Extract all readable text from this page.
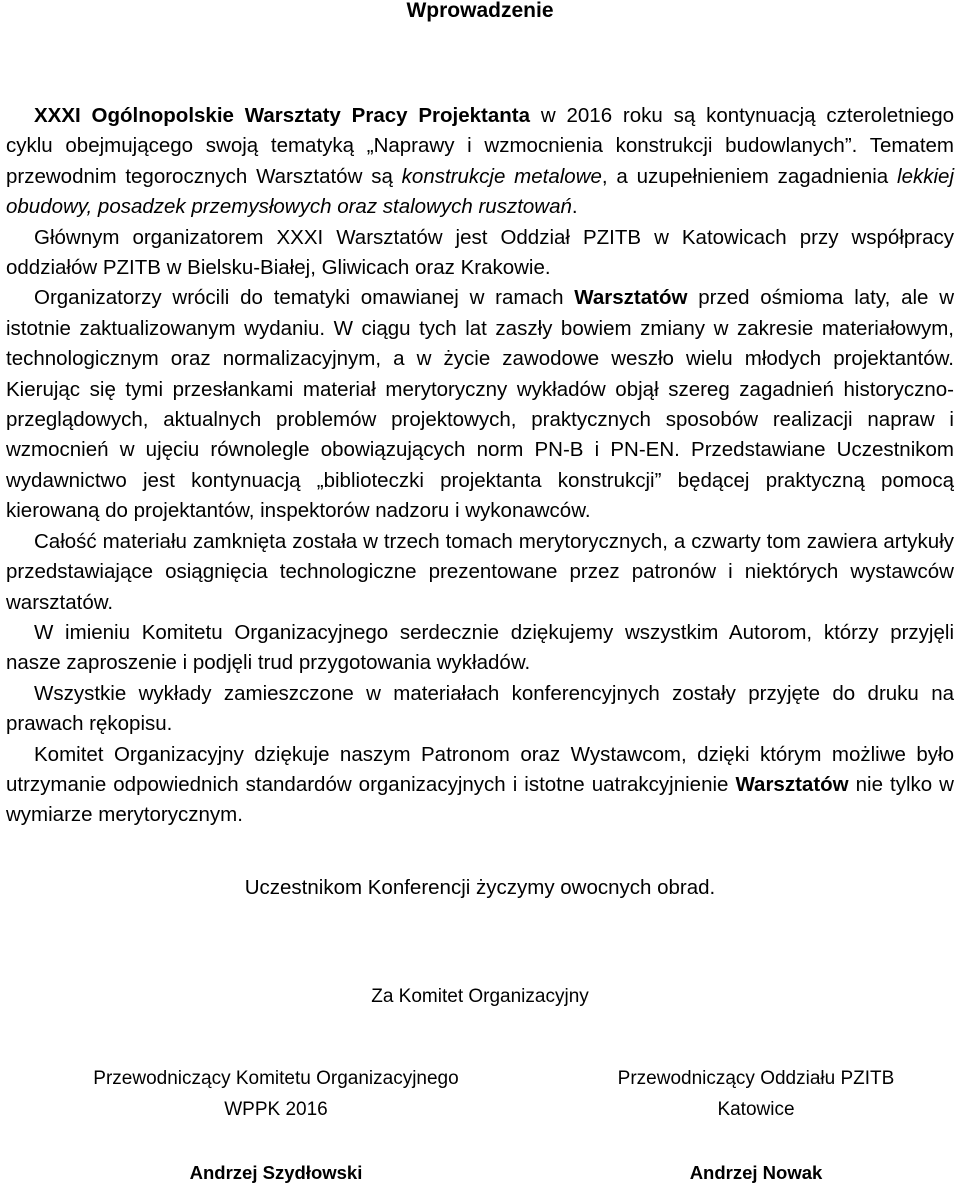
Wprowadzenie

XXXI Ogólnopolskie Warsztaty Pracy Projektanta w 2016 roku są kontynuacją czteroletniego cyklu obejmującego swoją tematyką „Naprawy i wzmocnienia konstrukcji budowlanych”. Tematem przewodnim tegorocznych Warsztatów są konstrukcje metalowe, a uzupełnieniem zagadnienia lekkiej obudowy, posadzek przemysłowych oraz stalowych rusztowań.

Głównym organizatorem XXXI Warsztatów jest Oddział PZITB w Katowicach przy współpracy oddziałów PZITB w Bielsku-Białej, Gliwicach oraz Krakowie.

Organizatorzy wrócili do tematyki omawianej w ramach Warsztatów przed ośmioma laty, ale w istotnie zaktualizowanym wydaniu. W ciągu tych lat zaszły bowiem zmiany w zakresie materiałowym, technologicznym oraz normalizacyjnym, a w życie zawodowe weszło wielu młodych projektantów. Kierując się tymi przesłankami materiał merytoryczny wykładów objął szereg zagadnień historyczno-przeglądowych, aktualnych problemów projektowych, praktycznych sposobów realizacji napraw i wzmocnień w ujęciu równolegle obowiązujących norm PN-B i PN-EN. Przedstawiane Uczestnikom wydawnictwo jest kontynuacją „biblioteczki projektanta konstrukcji” będącej praktyczną pomocą kierowaną do projektantów, inspektorów nadzoru i wykonawców.

Całość materiału zamknięta została w trzech tomach merytorycznych, a czwarty tom zawiera artykuły przedstawiające osiągnięcia technologiczne prezentowane przez patronów i niektórych wystawców warsztatów.

W imieniu Komitetu Organizacyjnego serdecznie dziękujemy wszystkim Autorom, którzy przyjęli nasze zaproszenie i podjęli trud przygotowania wykładów.

Wszystkie wykłady zamieszczone w materiałach konferencyjnych zostały przyjęte do druku na prawach rękopisu.

Komitet Organizacyjny dziękuje naszym Patronom oraz Wystawcom, dzięki którym możliwe było utrzymanie odpowiednich standardów organizacyjnych i istotne uatrakcyjnienie Warsztatów nie tylko w wymiarze merytorycznym.

Uczestnikom Konferencji życzymy owocnych obrad.
Za Komitet Organizacyjny
Przewodniczący Komitetu Organizacyjnego
WPPK 2016
Andrzej Szydłowski
Przewodniczący Oddziału PZITB
Katowice
Andrzej Nowak
